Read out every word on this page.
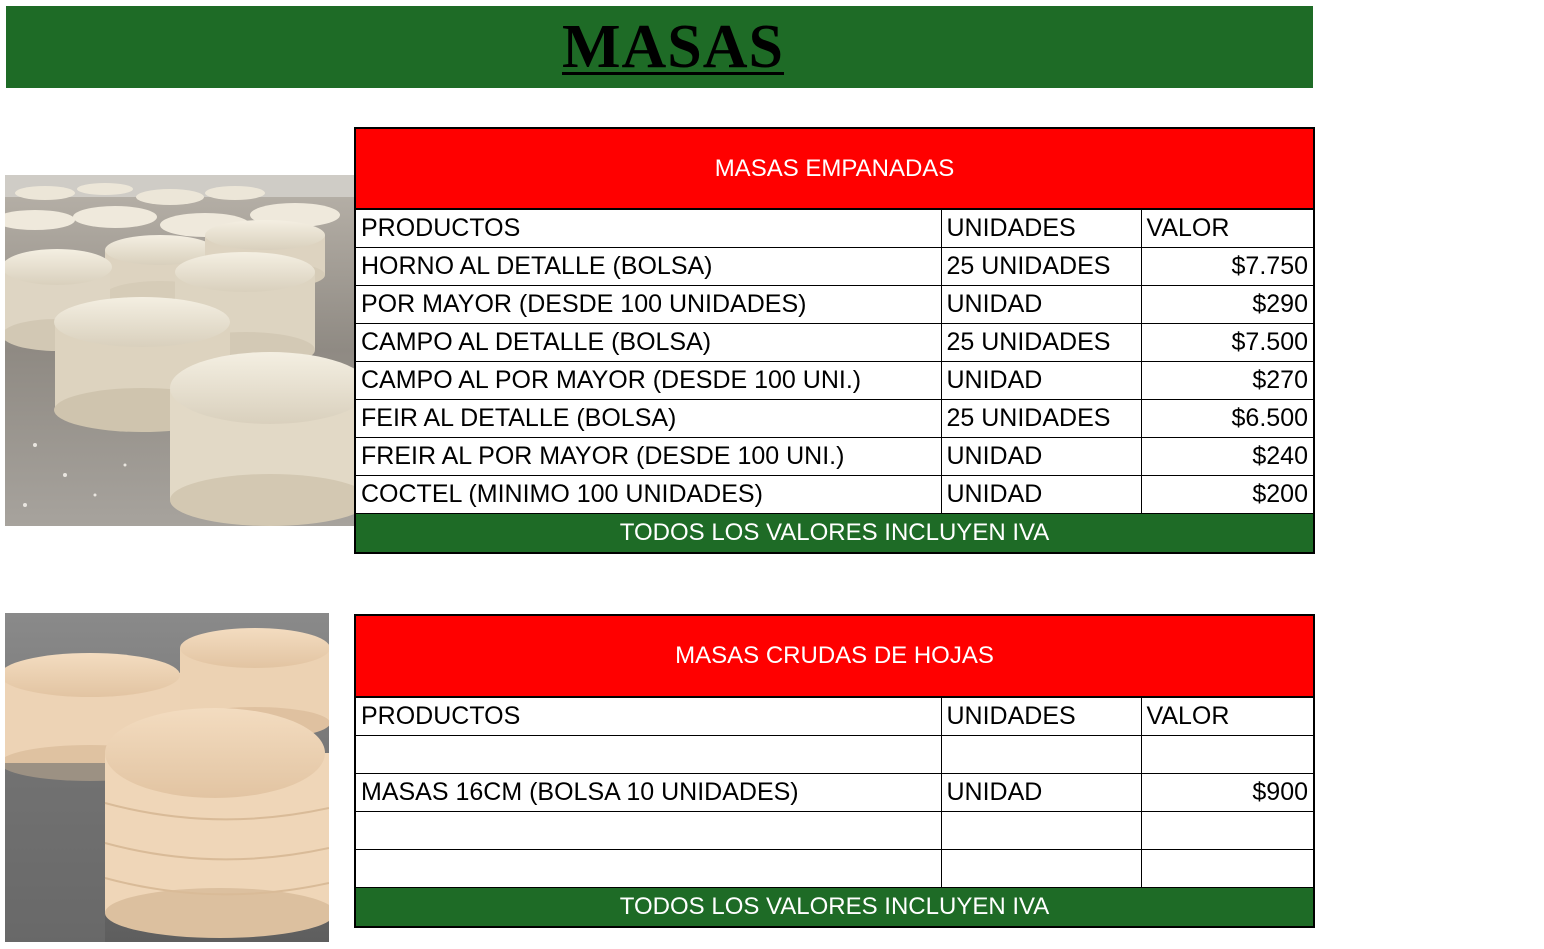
MASAS
MASAS EMPANADAS		
PRODUCTOS	UNIDADES	VALOR
HORNO AL DETALLE (BOLSA)	25 UNIDADES	$7.750
POR MAYOR (DESDE 100 UNIDADES)	UNIDAD	$290
CAMPO AL DETALLE (BOLSA)	25 UNIDADES	$7.500
CAMPO AL POR MAYOR (DESDE 100 UNI.)	UNIDAD	$270
FEIR AL DETALLE (BOLSA)	25 UNIDADES	$6.500
FREIR AL POR MAYOR (DESDE 100 UNI.)	UNIDAD	$240
COCTEL (MINIMO 100 UNIDADES)	UNIDAD	$200
TODOS LOS VALORES INCLUYEN IVA		
MASAS CRUDAS DE HOJAS		
PRODUCTOS	UNIDADES	VALOR

MASAS 16CM (BOLSA 10 UNIDADES)	UNIDAD	$900

TODOS LOS VALORES INCLUYEN IVA		
